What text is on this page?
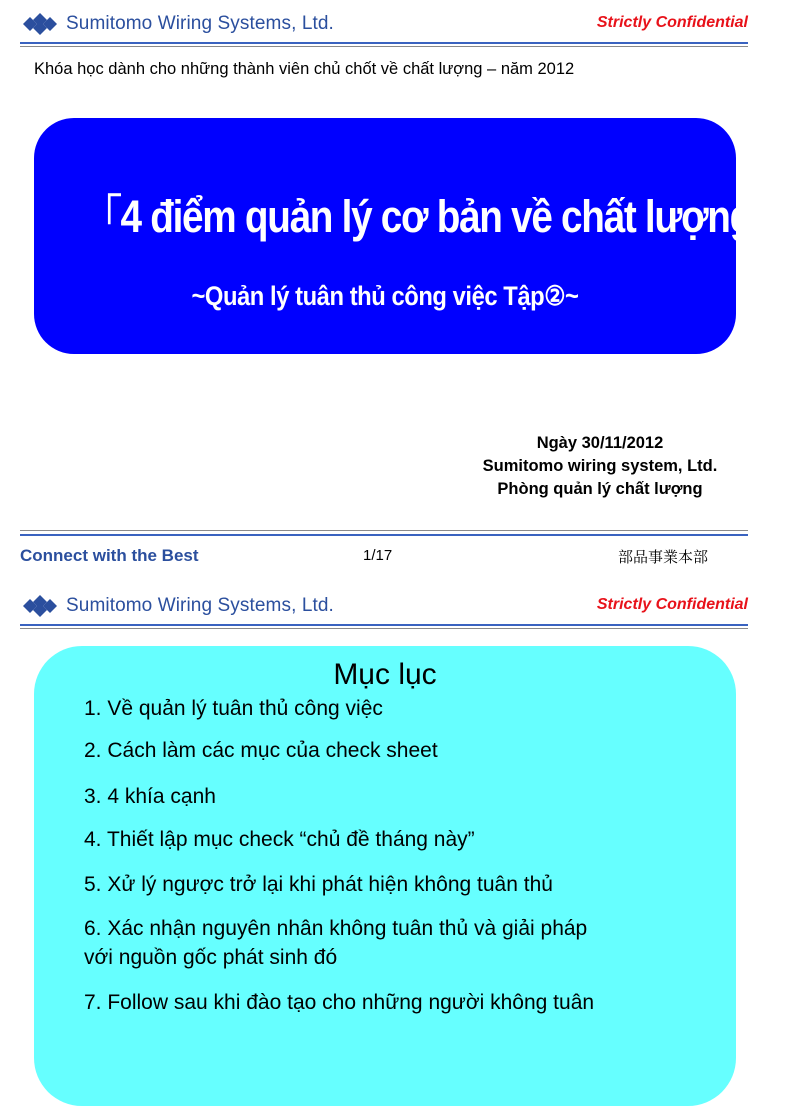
Sumitomo Wiring Systems, Ltd.	Strictly Confidential
Khóa học dành cho những thành viên chủ chốt về chất lượng – năm 2012
「4 điểm quản lý cơ bản về chất lượng」
~Quản lý tuân thủ công việc Tập②~
Ngày 30/11/2012
Sumitomo wiring system, Ltd.
Phòng quản lý chất lượng
Connect with the Best	1/17	部品事業本部
Sumitomo Wiring Systems, Ltd.	Strictly Confidential
Mục lục
1. Về quản lý tuân thủ công việc
2. Cách làm các mục của check sheet
3. 4 khía cạnh
4. Thiết lập mục check “chủ đề tháng này”
5. Xử lý ngược trở lại khi phát hiện không tuân thủ
6. Xác nhận nguyên nhân không tuân thủ và giải pháp
với nguồn gốc phát sinh đó
7. Follow sau khi đào tạo cho những người không tuân
